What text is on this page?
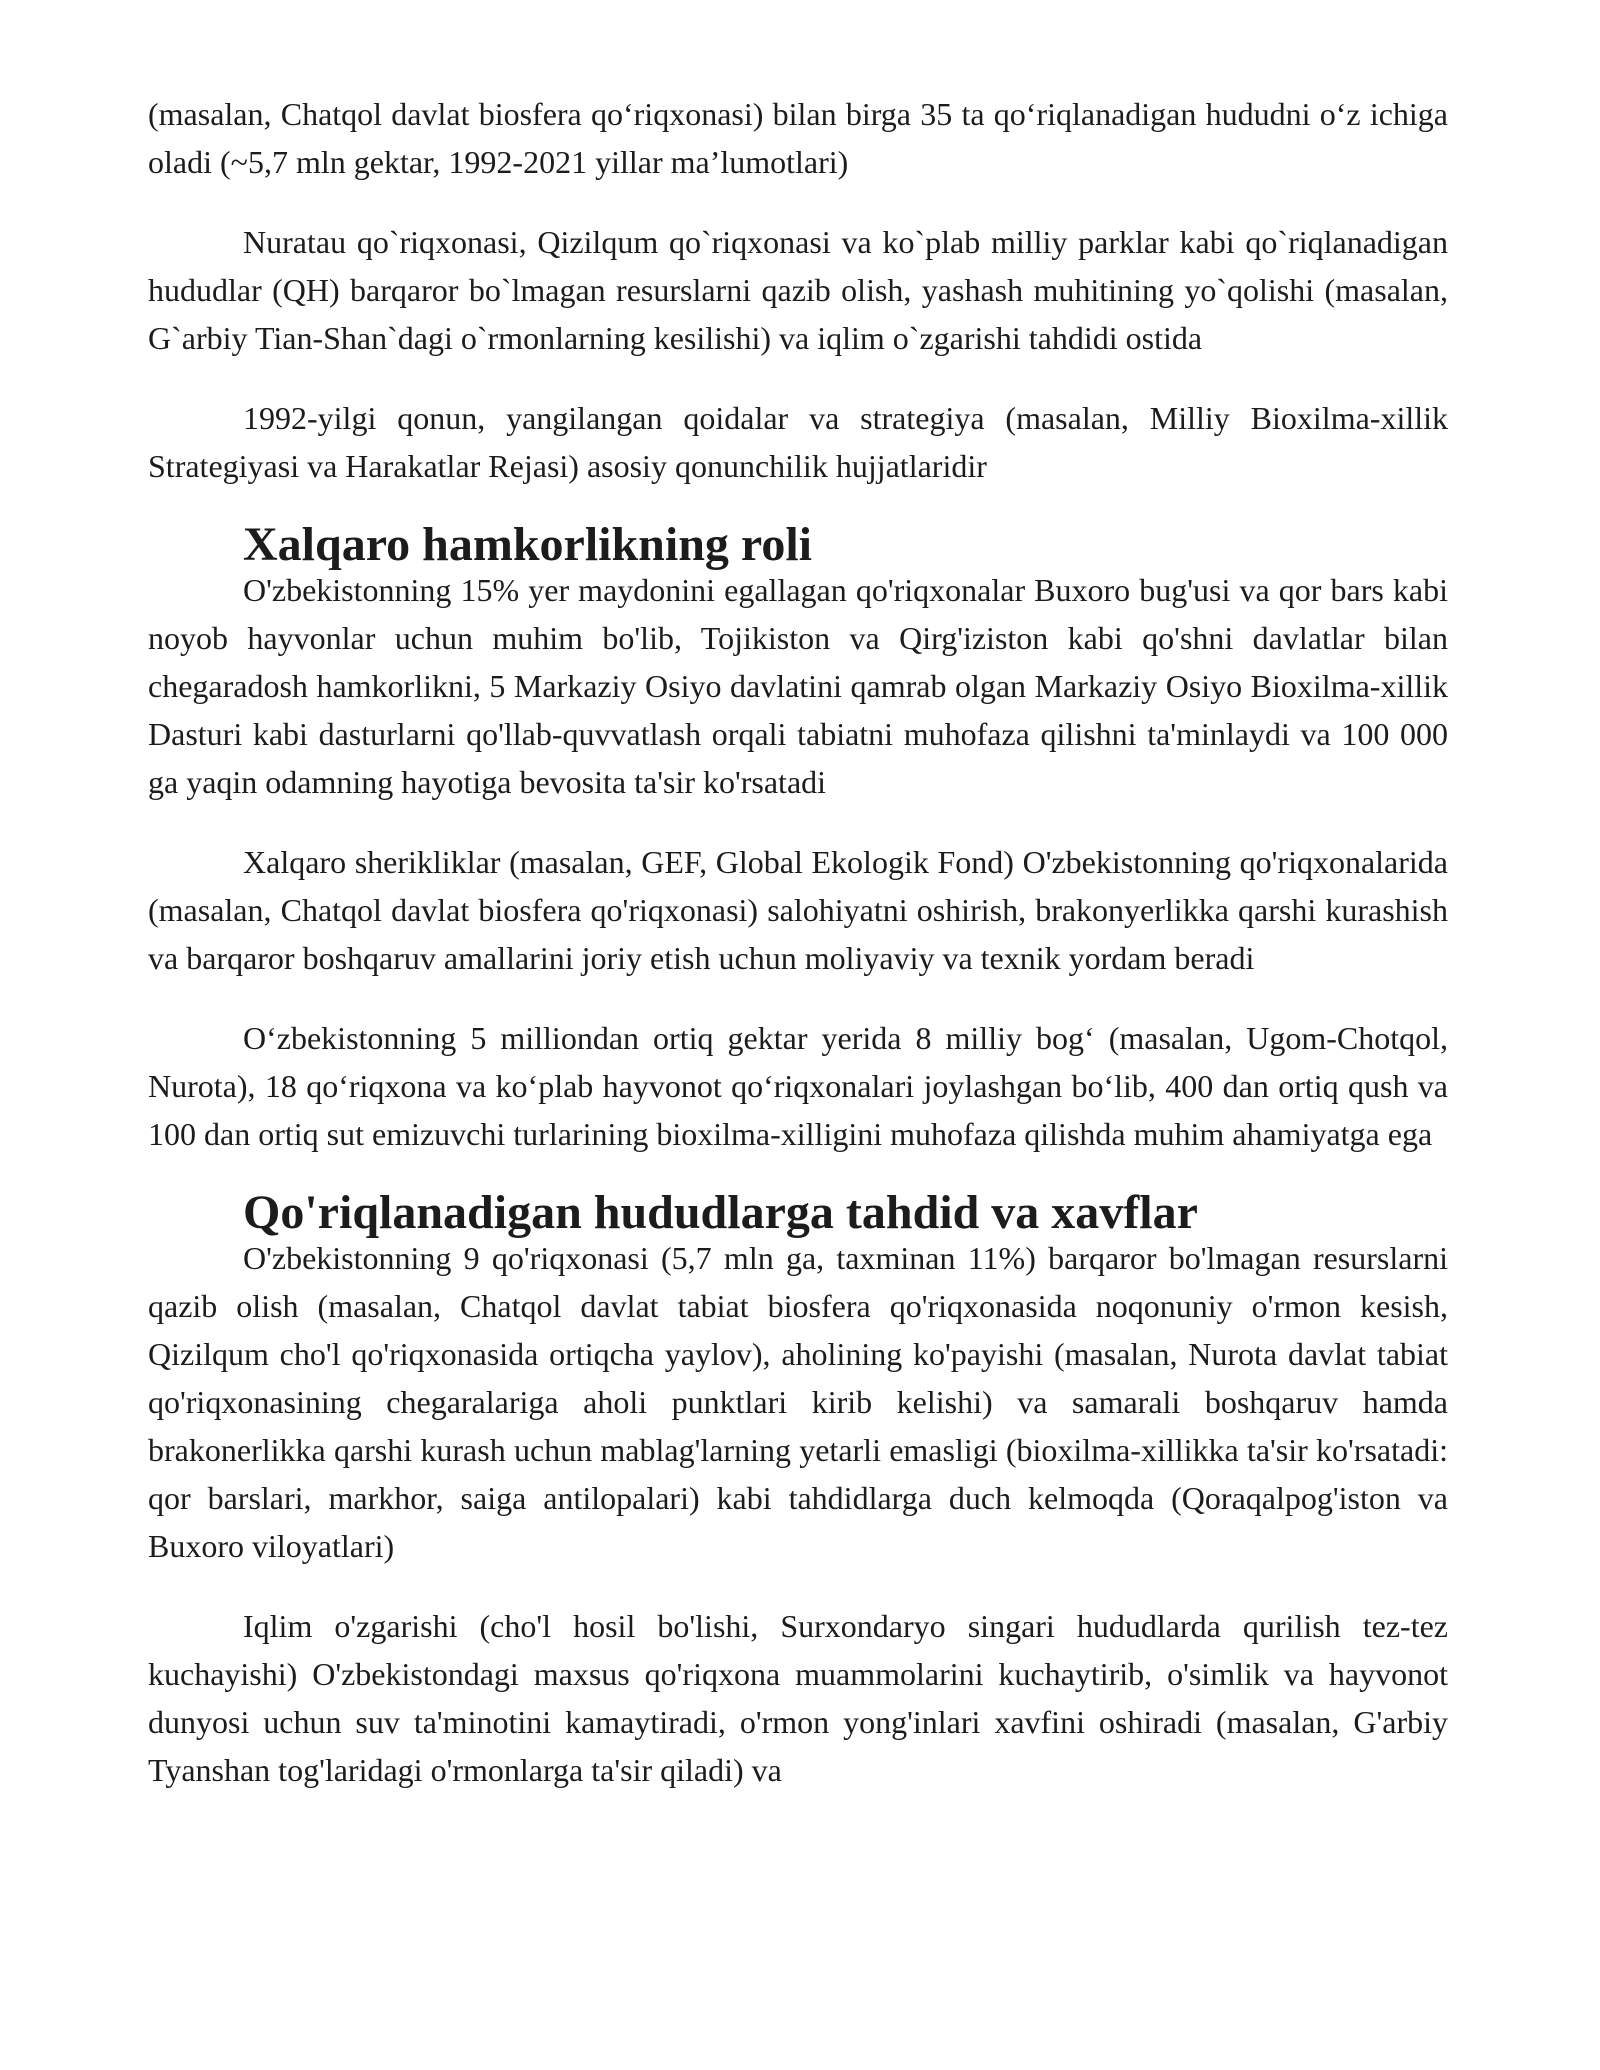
(masalan, Chatqol davlat biosfera qo‘riqxonasi) bilan birga 35 ta qo‘riqlanadigan hududni o‘z ichiga oladi (~5,7 mln gektar, 1992-2021 yillar ma’lumotlari)

Nuratau qo`riqxonasi, Qizilqum qo`riqxonasi va ko`plab milliy parklar kabi qo`riqlanadigan hududlar (QH) barqaror bo`lmagan resurslarni qazib olish, yashash muhitining yo`qolishi (masalan, G`arbiy Tian-Shan`dagi o`rmonlarning kesilishi) va iqlim o`zgarishi tahdidi ostida

1992-yilgi qonun, yangilangan qoidalar va strategiya (masalan, Milliy Bioxilma-xillik Strategiyasi va Harakatlar Rejasi) asosiy qonunchilik hujjatlaridir

Xalqaro hamkorlikning roli

O'zbekistonning 15% yer maydonini egallagan qo'riqxonalar Buxoro bug'usi va qor bars kabi noyob hayvonlar uchun muhim bo'lib, Tojikiston va Qirg'iziston kabi qo'shni davlatlar bilan chegaradosh hamkorlikni, 5 Markaziy Osiyo davlatini qamrab olgan Markaziy Osiyo Bioxilma-xillik Dasturi kabi dasturlarni qo'llab-quvvatlash orqali tabiatni muhofaza qilishni ta'minlaydi va 100 000 ga yaqin odamning hayotiga bevosita ta'sir ko'rsatadi

Xalqaro sherikliklar (masalan, GEF, Global Ekologik Fond) O'zbekistonning qo'riqxonalarida (masalan, Chatqol davlat biosfera qo'riqxonasi) salohiyatni oshirish, brakonyerlikka qarshi kurashish va barqaror boshqaruv amallarini joriy etish uchun moliyaviy va texnik yordam beradi

O‘zbekistonning 5 milliondan ortiq gektar yerida 8 milliy bog‘ (masalan, Ugom-Chotqol, Nurota), 18 qo‘riqxona va ko‘plab hayvonot qo‘riqxonalari joylashgan bo‘lib, 400 dan ortiq qush va 100 dan ortiq sut emizuvchi turlarining bioxilma-xilligini muhofaza qilishda muhim ahamiyatga ega

Qo'riqlanadigan hududlarga tahdid va xavflar

O'zbekistonning 9 qo'riqxonasi (5,7 mln ga, taxminan 11%) barqaror bo'lmagan resurslarni qazib olish (masalan, Chatqol davlat tabiat biosfera qo'riqxonasida noqonuniy o'rmon kesish, Qizilqum cho'l qo'riqxonasida ortiqcha yaylov), aholining ko'payishi (masalan, Nurota davlat tabiat qo'riqxonasining chegaralariga aholi punktlari kirib kelishi) va samarali boshqaruv hamda brakonerlikka qarshi kurash uchun mablag'larning yetarli emasligi (bioxilma-xillikka ta'sir ko'rsatadi: qor barslari, markhor, saiga antilopalari) kabi tahdidlarga duch kelmoqda (Qoraqalpog'iston va Buxoro viloyatlari)

Iqlim o'zgarishi (cho'l hosil bo'lishi, Surxondaryo singari hududlarda qurilish tez-tez kuchayishi) O'zbekistondagi maxsus qo'riqxona muammolarini kuchaytirib, o'simlik va hayvonot dunyosi uchun suv ta'minotini kamaytiradi, o'rmon yong'inlari xavfini oshiradi (masalan, G'arbiy Tyanshan tog'laridagi o'rmonlarga ta'sir qiladi) va
